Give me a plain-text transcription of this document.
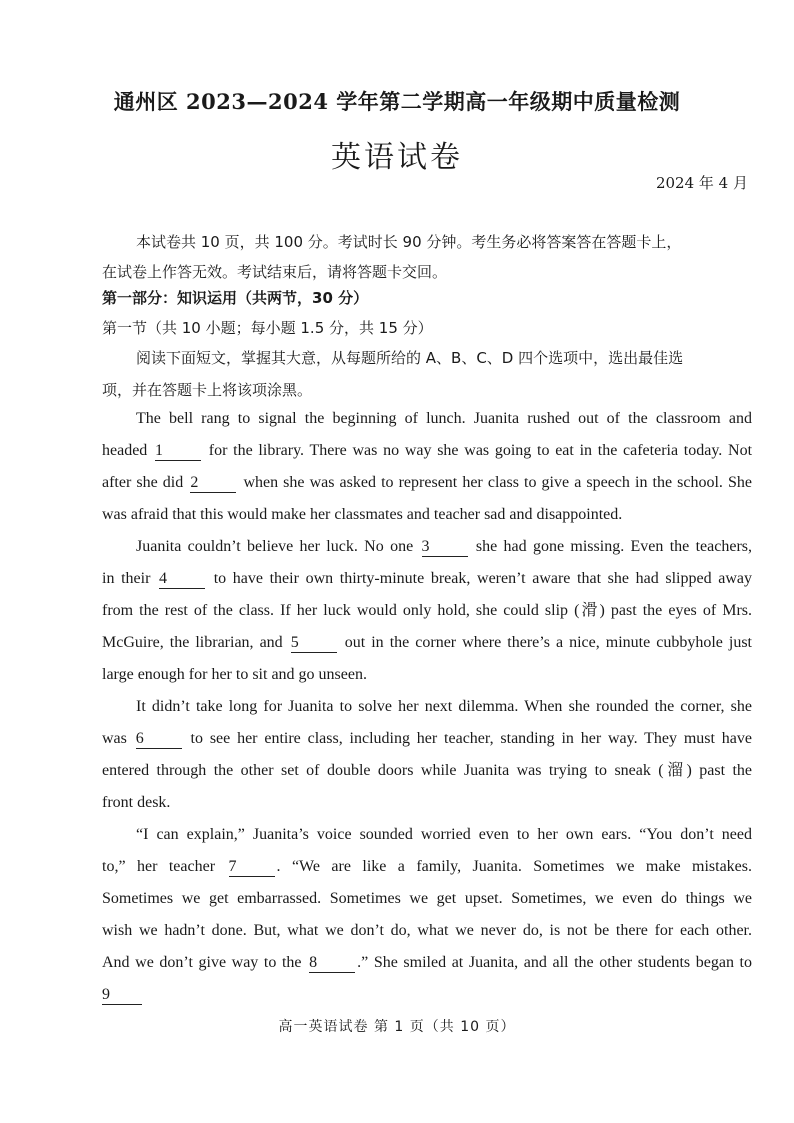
通州区 2023—2024 学年第二学期高一年级期中质量检测
英语试卷
2024 年 4 月
本试卷共 10 页，共 100 分。考试时长 90 分钟。考生务必将答案答在答题卡上，
在试卷上作答无效。考试结束后，请将答题卡交回。
第一部分：知识运用（共两节，30 分）
第一节（共 10 小题；每小题 1.5 分，共 15 分）
阅读下面短文，掌握其大意，从每题所给的 A、B、C、D 四个选项中，选出最佳选
项，并在答题卡上将该项涂黑。
The bell rang to signal the beginning of lunch. Juanita rushed out of the classroom and
headed 1	for the library. There was no way she was going to eat in the cafeteria today. Not
after she did 2	when she was asked to represent her class to give a speech in the school. She
was afraid that this would make her classmates and teacher sad and disappointed.
Juanita couldn’t believe her luck. No one 3	she had gone missing. Even the teachers,
in their 4	to have their own thirty-minute break, weren’t aware that she had slipped away
from the rest of the class. If her luck would only hold, she could slip (滑) past the eyes of Mrs.
McGuire, the librarian, and 5	out in the corner where there’s a nice, minute cubbyhole just
large enough for her to sit and go unseen.
It didn’t take long for Juanita to solve her next dilemma. When she rounded the corner, she
was 6	to see her entire class, including her teacher, standing in her way. They must have
entered through the other set of double doors while Juanita was trying to sneak (溜) past the
front desk.
“I can explain,” Juanita’s voice sounded worried even to her own ears. “You don’t need
to,” her teacher 7	. “We are like a family, Juanita. Sometimes we make mistakes.
Sometimes we get embarrassed. Sometimes we get upset. Sometimes, we even do things we
wish we hadn’t done. But, what we don’t do, what we never do, is not be there for each other.
And we don’t give way to the 8	.” She smiled at Juanita, and all the other students began to
9
高一英语试卷 第 1 页（共 10 页）
